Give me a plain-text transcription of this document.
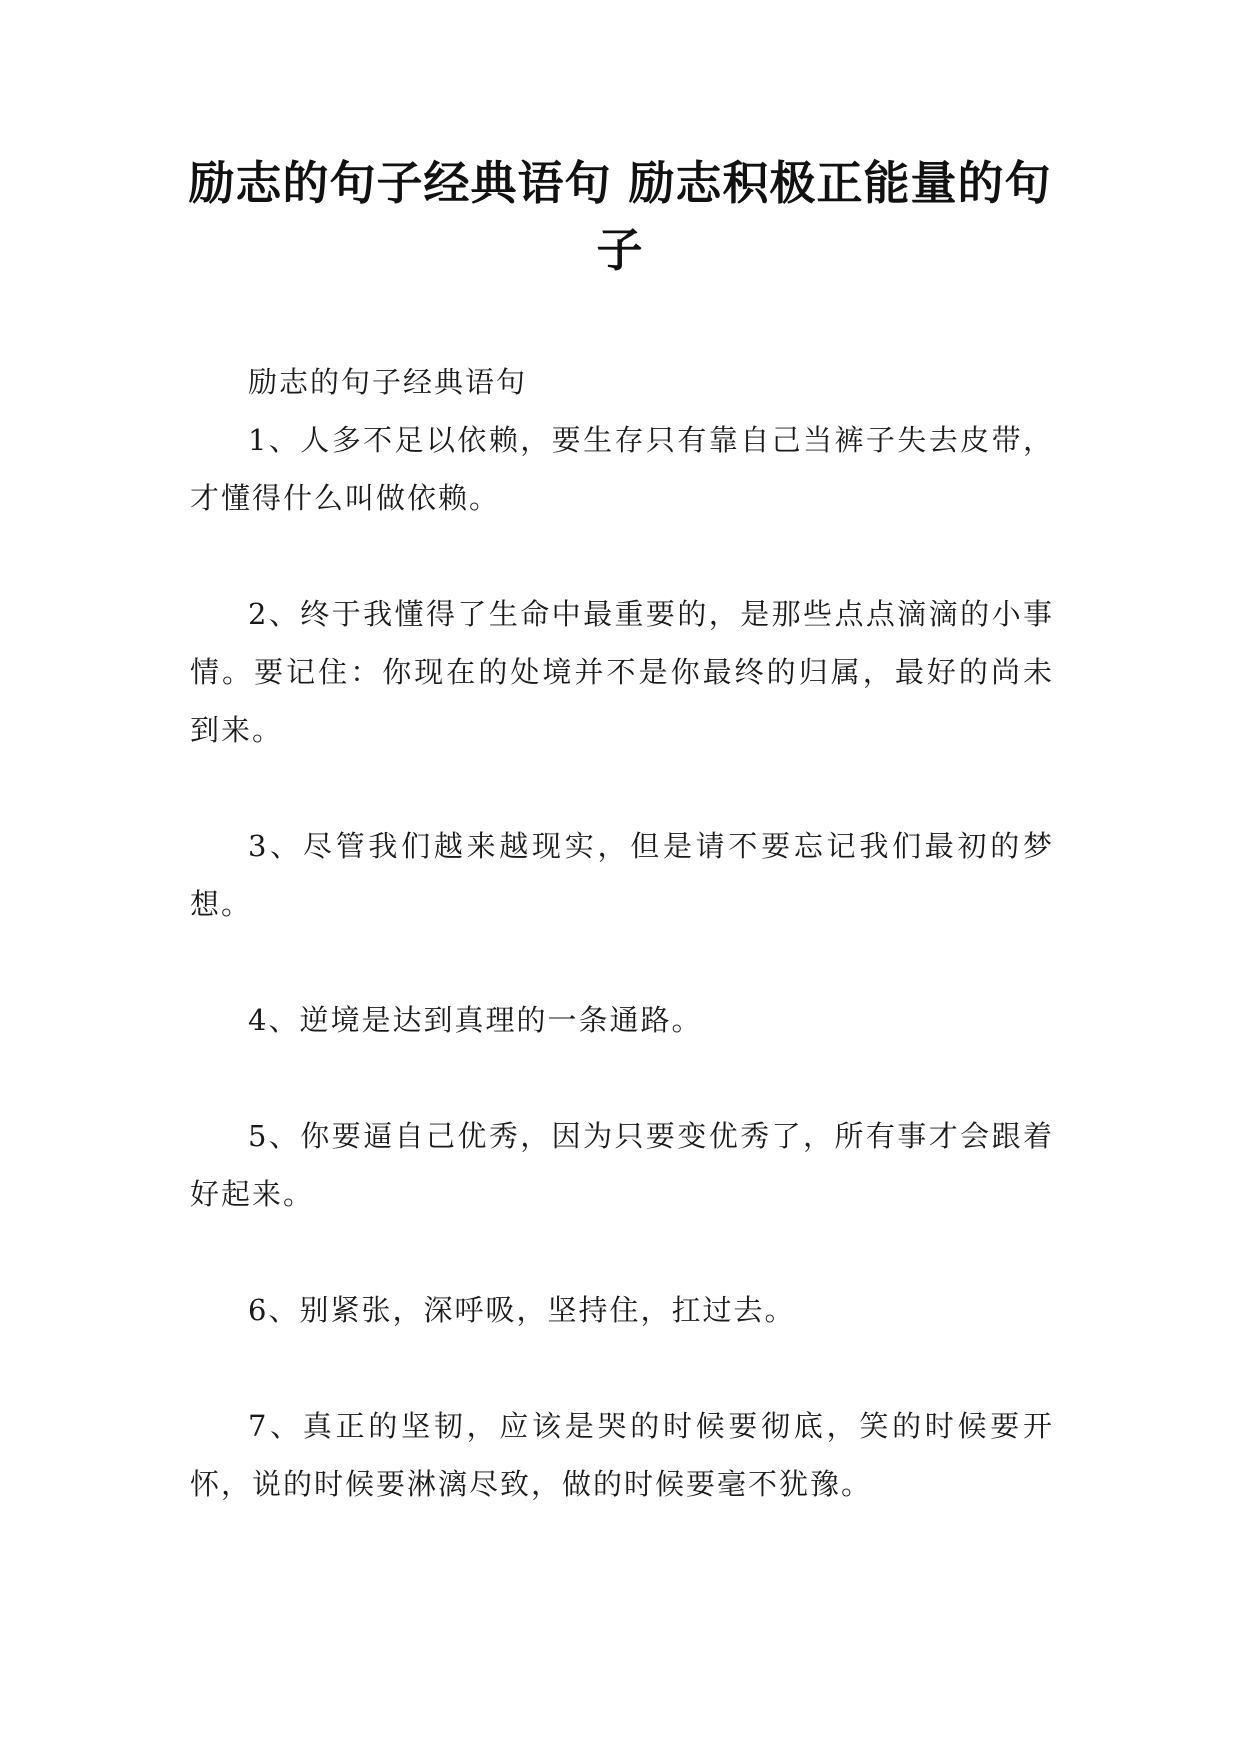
励志的句子经典语句 励志积极正能量的句子

励志的句子经典语句

1、人多不足以依赖，要生存只有靠自己当裤子失去皮带，才懂得什么叫做依赖。

2、终于我懂得了生命中最重要的，是那些点点滴滴的小事情。要记住：你现在的处境并不是你最终的归属，最好的尚未到来。

3、尽管我们越来越现实，但是请不要忘记我们最初的梦想。

4、逆境是达到真理的一条通路。

5、你要逼自己优秀，因为只要变优秀了，所有事才会跟着好起来。

6、别紧张，深呼吸，坚持住，扛过去。

7、真正的坚韧，应该是哭的时候要彻底，笑的时候要开怀，说的时候要淋漓尽致，做的时候要毫不犹豫。
